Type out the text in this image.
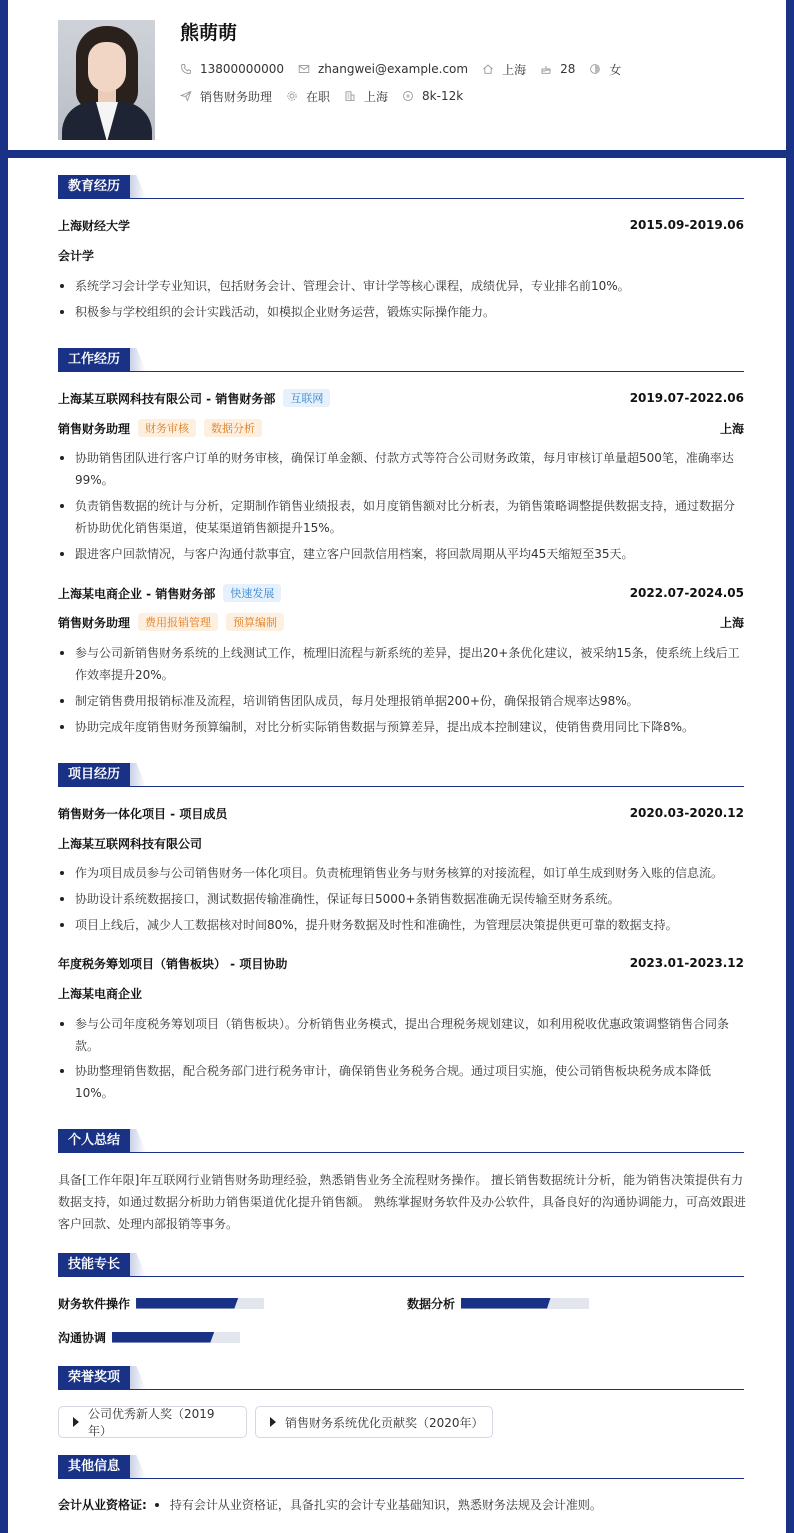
熊萌萌
13800000000	zhangwei@example.com	上海	28	女
销售财务助理	在职	上海	8k-12k
教育经历
上海财经大学	2015.09-2019.06
会计学
系统学习会计学专业知识，包括财务会计、管理会计、审计学等核心课程，成绩优异，专业排名前10%。
积极参与学校组织的会计实践活动，如模拟企业财务运营，锻炼实际操作能力。
工作经历
上海某互联网科技有限公司 - 销售财务部	互联网	2019.07-2022.06
销售财务助理	财务审核	数据分析	上海
协助销售团队进行客户订单的财务审核，确保订单金额、付款方式等符合公司财务政策，每月审核订单量超500笔，准确率达99%。
负责销售数据的统计与分析，定期制作销售业绩报表，如月度销售额对比分析表，为销售策略调整提供数据支持，通过数据分析协助优化销售渠道，使某渠道销售额提升15%。
跟进客户回款情况，与客户沟通付款事宜，建立客户回款信用档案，将回款周期从平均45天缩短至35天。
上海某电商企业 - 销售财务部	快速发展	2022.07-2024.05
销售财务助理	费用报销管理	预算编制	上海
参与公司新销售财务系统的上线测试工作，梳理旧流程与新系统的差异，提出20+条优化建议，被采纳15条，使系统上线后工作效率提升20%。
制定销售费用报销标准及流程，培训销售团队成员，每月处理报销单据200+份，确保报销合规率达98%。
协助完成年度销售财务预算编制，对比分析实际销售数据与预算差异，提出成本控制建议，使销售费用同比下降8%。
项目经历
销售财务一体化项目 - 项目成员	2020.03-2020.12
上海某互联网科技有限公司
作为项目成员参与公司销售财务一体化项目。负责梳理销售业务与财务核算的对接流程，如订单生成到财务入账的信息流。
协助设计系统数据接口，测试数据传输准确性，保证每日5000+条销售数据准确无误传输至财务系统。
项目上线后，减少人工数据核对时间80%，提升财务数据及时性和准确性，为管理层决策提供更可靠的数据支持。
年度税务筹划项目（销售板块） - 项目协助	2023.01-2023.12
上海某电商企业
参与公司年度税务筹划项目（销售板块）。分析销售业务模式，提出合理税务规划建议，如利用税收优惠政策调整销售合同条款。
协助整理销售数据，配合税务部门进行税务审计，确保销售业务税务合规。通过项目实施，使公司销售板块税务成本降低10%。
个人总结
具备[工作年限]年互联网行业销售财务助理经验，熟悉销售业务全流程财务操作。 擅长销售数据统计分析，能为销售决策提供有力数据支持，如通过数据分析助力销售渠道优化提升销售额。 熟练掌握财务软件及办公软件，具备良好的沟通协调能力，可高效跟进客户回款、处理内部报销等事务。
技能专长
财务软件操作	数据分析
沟通协调
荣誉奖项
公司优秀新人奖（2019年）
销售财务系统优化贡献奖（2020年）
其他信息
会计从业资格证: 持有会计从业资格证，具备扎实的会计专业基础知识，熟悉财务法规及会计准则。
